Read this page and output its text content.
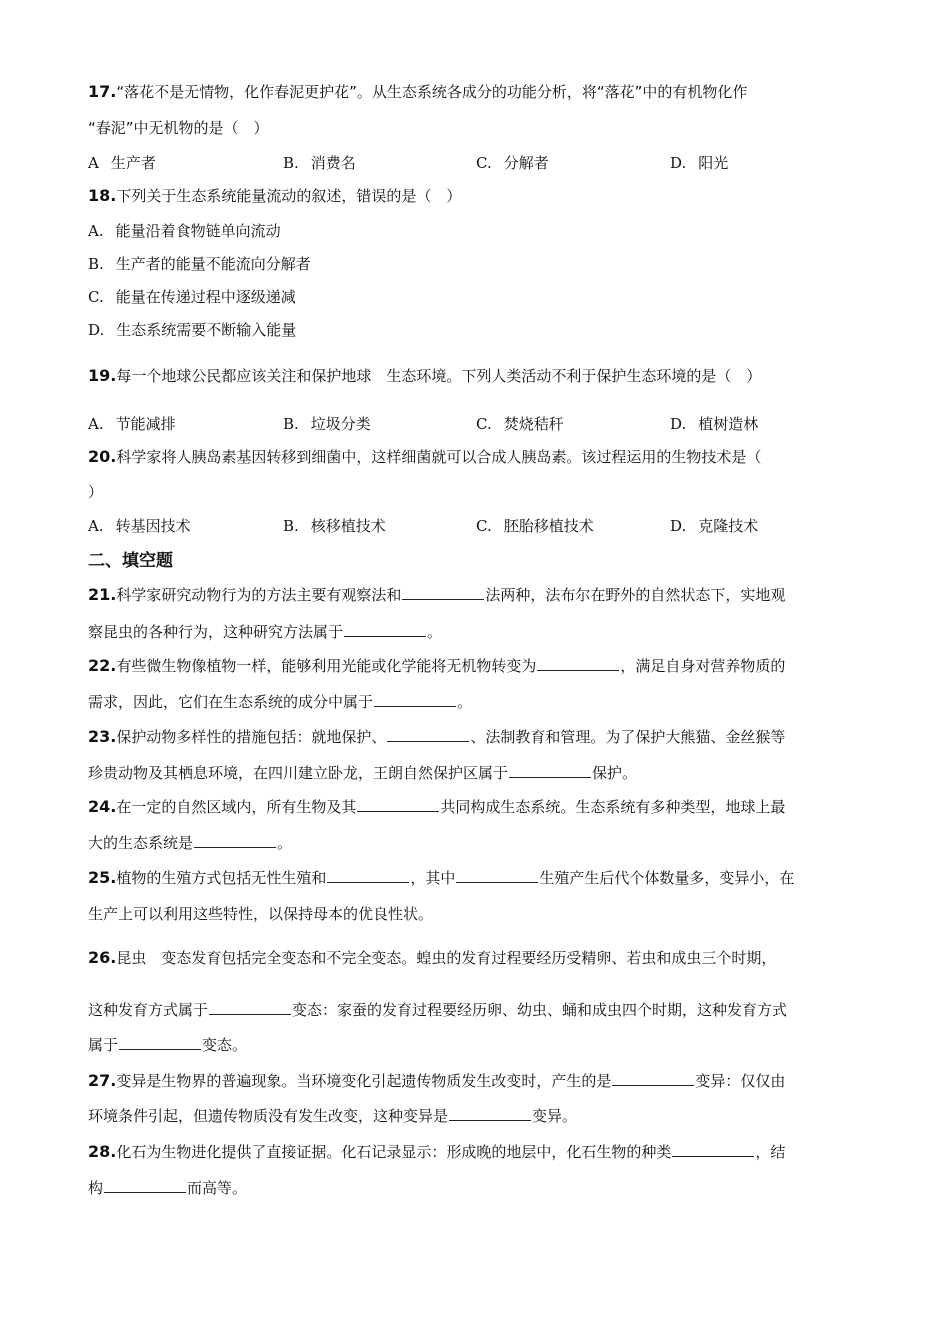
17.“落花不是无情物，化作春泥更护花”。从生态系统各成分的功能分析，将“落花”中的有机物化作
“春泥”中无机物的是（　）
A 生产者	B. 消费名	C. 分解者	D. 阳光
18.下列关于生态系统能量流动的叙述，错误的是（　）
A. 能量沿着食物链单向流动
B. 生产者的能量不能流向分解者
C. 能量在传递过程中逐级递减
D. 生态系统需要不断输入能量
19.每一个地球公民都应该关注和保护地球　生态环境。下列人类活动不利于保护生态环境的是（　）
A. 节能减排	B. 垃圾分类	C. 焚烧秸秆	D. 植树造林
20.科学家将人胰岛素基因转移到细菌中，这样细菌就可以合成人胰岛素。该过程运用的生物技术是（
）
A. 转基因技术	B. 核移植技术	C. 胚胎移植技术	D. 克隆技术
二、填空题
21.科学家研究动物行为的方法主要有观察法和	法两种，法布尔在野外的自然状态下，实地观
察昆虫的各种行为，这种研究方法属于	。
22.有些微生物像植物一样，能够利用光能或化学能将无机物转变为	，满足自身对营养物质的
需求，因此，它们在生态系统的成分中属于	。
23.保护动物多样性的措施包括：就地保护、	、法制教育和管理。为了保护大熊猫、金丝猴等
珍贵动物及其栖息环境，在四川建立卧龙，王朗自然保护区属于	保护。
24.在一定的自然区域内，所有生物及其	共同构成生态系统。生态系统有多种类型，地球上最
大的生态系统是	。
25.植物的生殖方式包括无性生殖和	，其中	生殖产生后代个体数量多，变异小，在
生产上可以利用这些特性，以保持母本的优良性状。
26.昆虫　变态发育包括完全变态和不完全变态。蝗虫的发育过程要经历受精卵、若虫和成虫三个时期，
这种发育方式属于	变态：家蚕的发育过程要经历卵、幼虫、蛹和成虫四个时期，这种发育方式
属于	变态。
27.变异是生物界的普遍现象。当环境变化引起遗传物质发生改变时，产生的是	变异：仅仅由
环境条件引起，但遗传物质没有发生改变，这种变异是	变异。
28.化石为生物进化提供了直接证据。化石记录显示：形成晚的地层中，化石生物的种类	，结
构	而高等。
